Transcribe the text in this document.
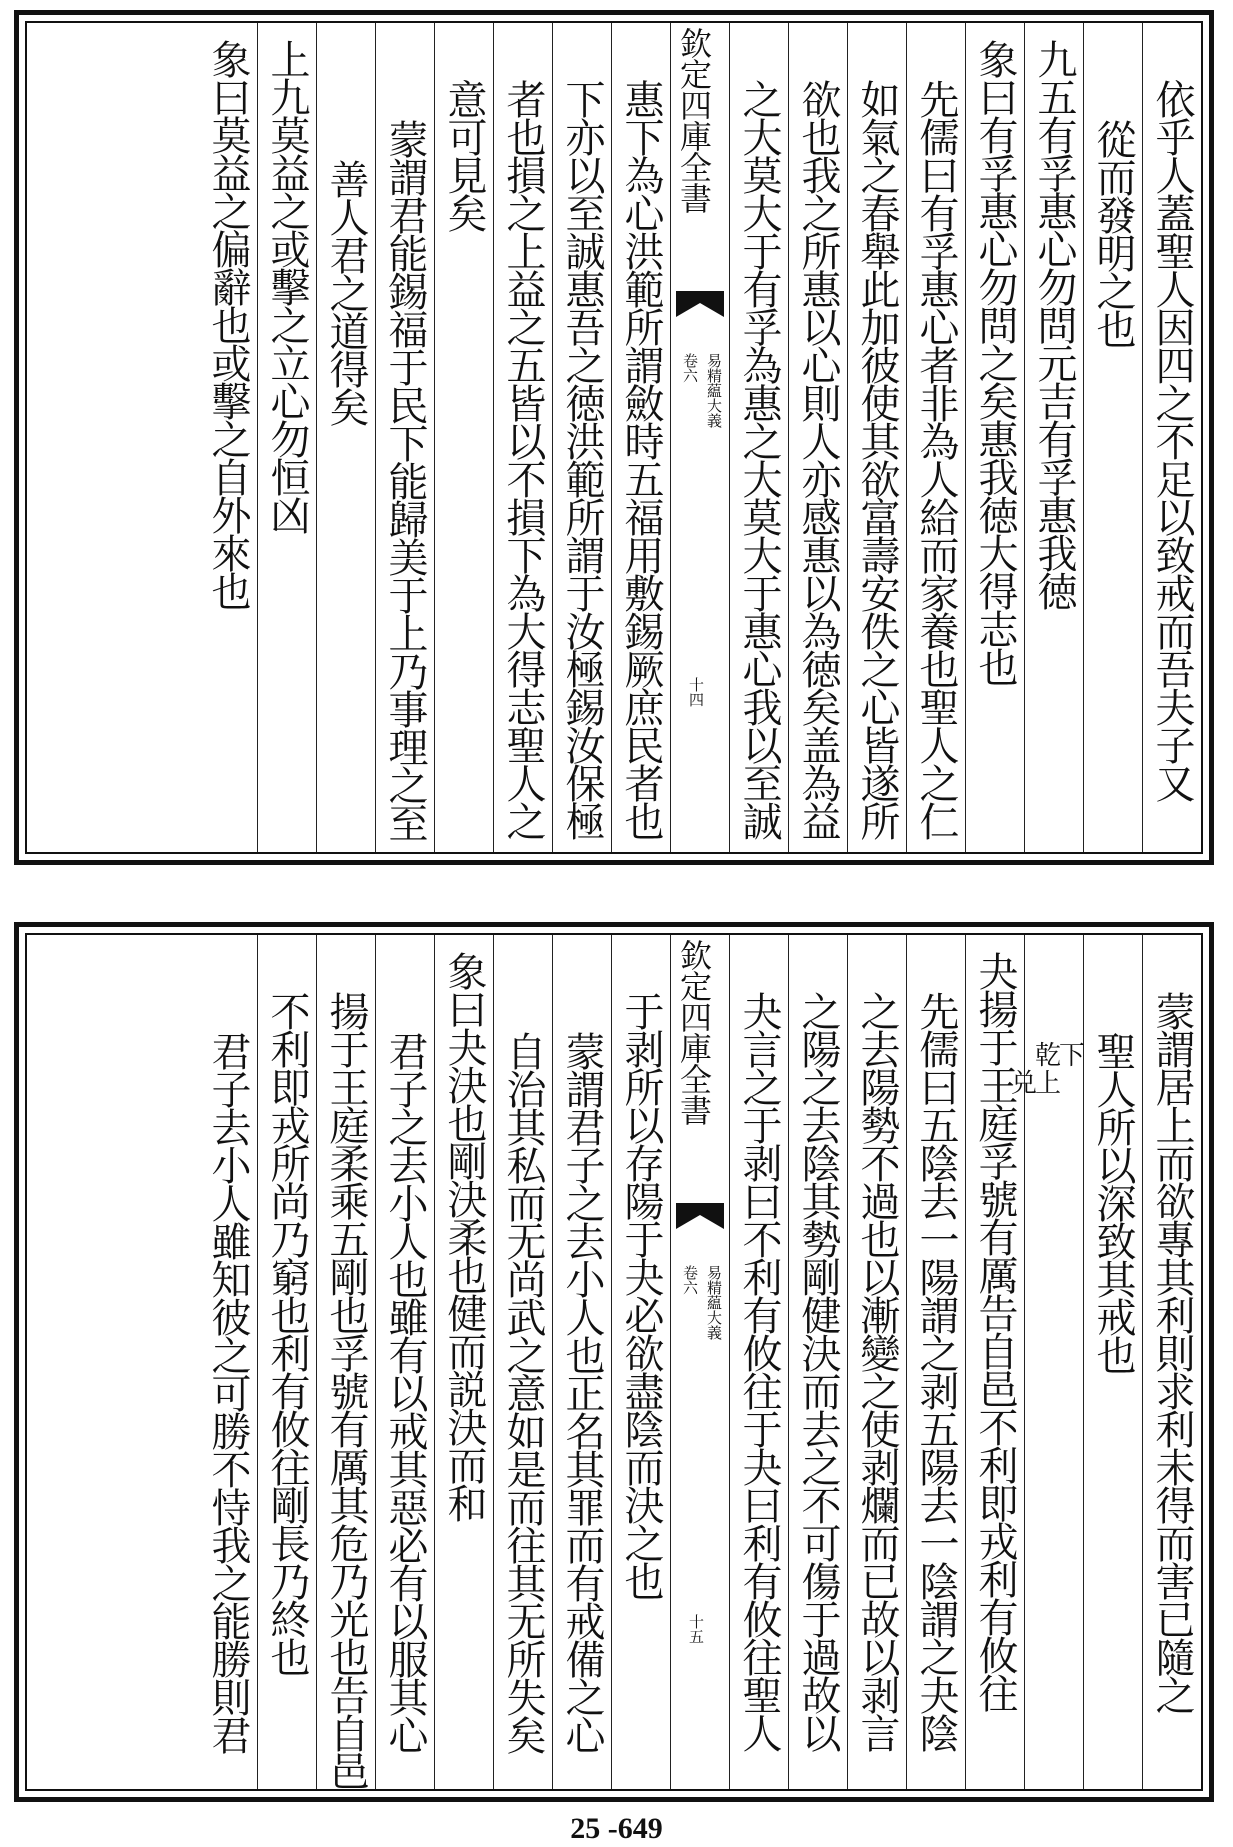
依乎人蓋聖人因四之不足以致戒而吾夫子又
從而發明之也
九五有孚惠心勿問元吉有孚惠我徳
象曰有孚惠心勿問之矣惠我徳大得志也
先儒曰有孚惠心者非為人給而家養也聖人之仁
如氣之春舉此加彼使其欲富壽安佚之心皆遂所
欲也我之所惠以心則人亦感惠以為徳矣盖為益
之大莫大于有孚為惠之大莫大于惠心我以至誠
欽定四庫全書
易精藴大義
卷六
十四
惠下為心洪範所謂斂時五福用敷錫厥庶民者也
下亦以至誠惠吾之徳洪範所謂于汝極錫汝保極
者也損之上益之五皆以不損下為大得志聖人之
意可見矣
蒙謂君能錫福于民下能歸美于上乃事理之至
善人君之道得矣
上九莫益之或擊之立心勿恒凶
象曰莫益之偏辭也或擊之自外來也
蒙謂居上而欲專其利則求利未得而害已隨之
聖人所以深致其戒也
乾下
兑上
夬揚于王庭孚號有厲告自邑不利即戎利有攸往
先儒曰五陰去一陽謂之剥五陽去一陰謂之夬陰
之去陽勢不過也以漸變之使剥爛而已故以剥言
之陽之去陰其勢剛健決而去之不可傷于過故以
夬言之于剥曰不利有攸往于夬曰利有攸往聖人
欽定四庫全書
易精藴大義
卷六
十五
于剥所以存陽于夬必欲盡陰而決之也
蒙謂君子之去小人也正名其罪而有戒備之心
自治其私而无尚武之意如是而往其无所失矣
象曰夬決也剛決柔也健而説決而和
君子之去小人也雖有以戒其惡必有以服其心
揚于王庭柔乘五剛也孚號有厲其危乃光也告自邑
不利即戎所尚乃窮也利有攸往剛長乃終也
君子去小人雖知彼之可勝不恃我之能勝則君
25 -649
